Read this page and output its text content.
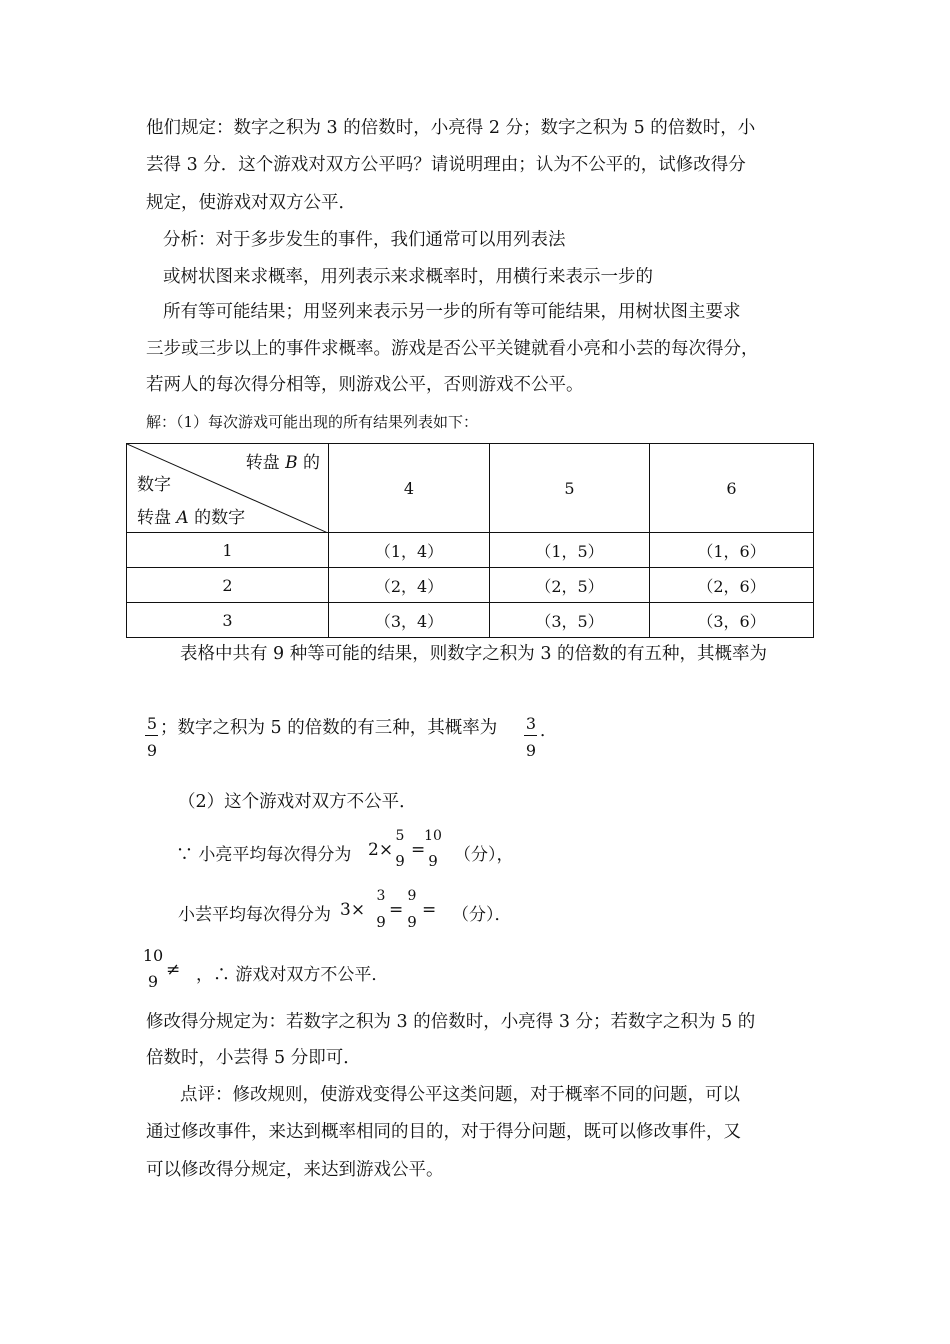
他们规定：数字之积为 3 的倍数时，小亮得 2 分；数字之积为 5 的倍数时，小
芸得 3 分．这个游戏对双方公平吗？请说明理由；认为不公平的，试修改得分
规定，使游戏对双方公平．
分析：对于多步发生的事件，我们通常可以用列表法
或树状图来求概率，用列表示来求概率时，用横行来表示一步的
所有等可能结果；用竖列来表示另一步的所有等可能结果，用树状图主要求
三步或三步以上的事件求概率。游戏是否公平关键就看小亮和小芸的每次得分，
若两人的每次得分相等，则游戏公平，否则游戏不公平。
解：（1）每次游戏可能出现的所有结果列表如下：
转盘 B 的
数字
转盘 A 的数字	4	5	6
1	（1，4）	（1，5）	（1，6）
2	（2，4）	（2，5）	（2，6）
3	（3，4）	（3，5）	（3，6）
表格中共有 9 种等可能的结果，则数字之积为 3 的倍数的有五种，其概率为
5
9
；数字之积为 5 的倍数的有三种，其概率为 3
9
．
（2）这个游戏对双方不公平．
∵ 小亮平均每次得分为 2×
5
9
=
10
9 （分），
小芸平均每次得分为 3×
3
9
=
9
9
= （分）．
10
9
≠ ，∴ 游戏对双方不公平．
修改得分规定为：若数字之积为 3 的倍数时，小亮得 3 分；若数字之积为 5 的
倍数时，小芸得 5 分即可．
点评：修改规则，使游戏变得公平这类问题，对于概率不同的问题，可以
通过修改事件，来达到概率相同的目的，对于得分问题，既可以修改事件，又
可以修改得分规定，来达到游戏公平。
